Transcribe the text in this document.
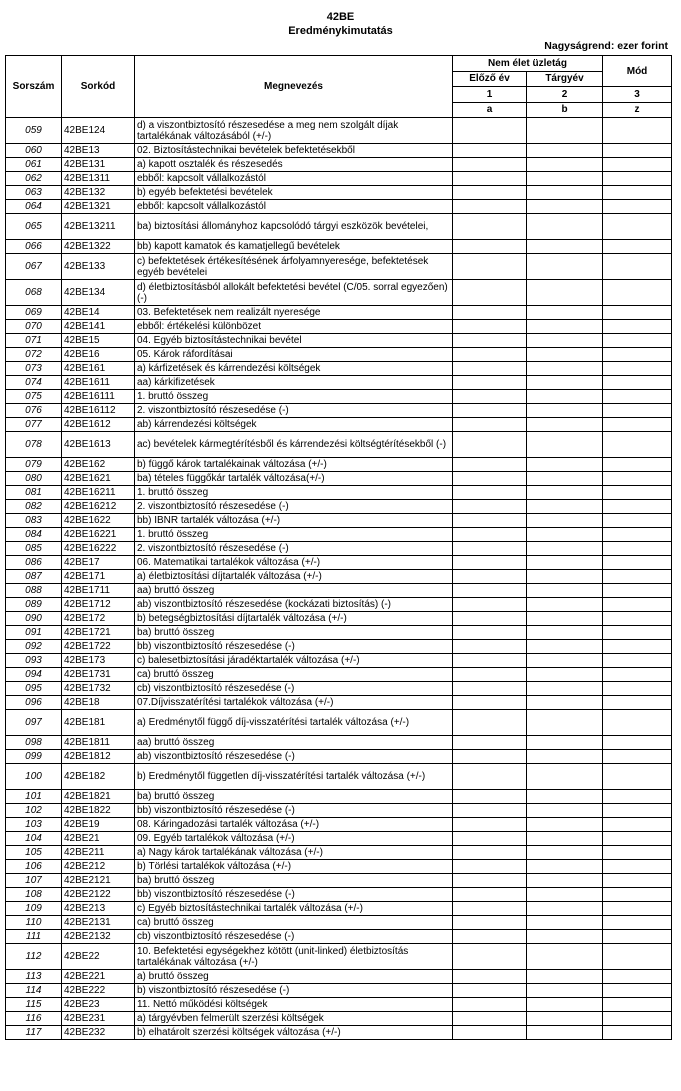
42BE
Eredménykimutatás
Nagyságrend: ezer forint
Sorszám	Sorkód	Megnevezés	Nem élet üzletág		Mód
			Előző év	Tárgyév	
			1	2	3
			a	b	z
059	42BE124	d) a viszontbiztosító részesedése a meg nem szolgált díjak tartalékának változásából (+/-)			
060	42BE13	02. Biztosítástechnikai bevételek befektetésekből			
061	42BE131	a) kapott osztalék és részesedés			
062	42BE1311	ebből: kapcsolt vállalkozástól			
063	42BE132	b) egyéb befektetési bevételek			
064	42BE1321	ebből: kapcsolt vállalkozástól			
065	42BE13211	ba) biztosítási állományhoz kapcsolódó tárgyi eszközök bevételei,			
066	42BE1322	bb) kapott kamatok és kamatjellegű bevételek			
067	42BE133	c) befektetések értékesítésének árfolyamnyeresége, befektetések egyéb bevételei			
068	42BE134	d) életbiztosításból allokált befektetési bevétel (C/05. sorral egyezően) (-)			
069	42BE14	03. Befektetések nem realizált nyeresége			
070	42BE141	ebből: értékelési különbözet			
071	42BE15	04. Egyéb biztosítástechnikai bevétel			
072	42BE16	05. Károk ráfordításai			
073	42BE161	a) kárfizetések és kárrendezési költségek			
074	42BE1611	aa) kárkifizetések			
075	42BE16111	1. bruttó összeg			
076	42BE16112	2. viszontbiztosító részesedése (-)			
077	42BE1612	ab) kárrendezési költségek			
078	42BE1613	ac) bevételek kármegtérítésből és kárrendezési költségtérítésekből (-)			
079	42BE162	b) függő károk tartalékainak változása (+/-)			
080	42BE1621	ba) tételes függőkár tartalék változása(+/-)			
081	42BE16211	1. bruttó összeg			
082	42BE16212	2. viszontbiztosító részesedése (-)			
083	42BE1622	bb) IBNR tartalék változása (+/-)			
084	42BE16221	1. bruttó összeg			
085	42BE16222	2. viszontbiztosító részesedése (-)			
086	42BE17	06. Matematikai tartalékok változása (+/-)			
087	42BE171	a) életbiztosítási díjtartalék változása (+/-)			
088	42BE1711	aa) bruttó összeg			
089	42BE1712	ab) viszontbiztosító részesedése (kockázati biztosítás) (-)			
090	42BE172	b) betegségbiztosítási díjtartalék változása (+/-)			
091	42BE1721	ba) bruttó összeg			
092	42BE1722	bb) viszontbiztosító részesedése (-)			
093	42BE173	c) balesetbiztosítási járadéktartalék változása (+/-)			
094	42BE1731	ca) bruttó összeg			
095	42BE1732	cb) viszontbiztosító részesedése (-)			
096	42BE18	07.Díjvisszatérítési tartalékok változása (+/-)			
097	42BE181	a) Eredménytől függő díj-visszatérítési tartalék változása (+/-)			
098	42BE1811	aa) bruttó összeg			
099	42BE1812	ab) viszontbiztosító részesedése (-)			
100	42BE182	b) Eredménytől független díj-visszatérítési tartalék változása (+/-)			
101	42BE1821	ba) bruttó összeg			
102	42BE1822	bb) viszontbiztosító részesedése (-)			
103	42BE19	08. Káringadozási tartalék változása (+/-)			
104	42BE21	09. Egyéb tartalékok változása (+/-)			
105	42BE211	a) Nagy károk tartalékának változása (+/-)			
106	42BE212	b) Törlési tartalékok változása (+/-)			
107	42BE2121	ba) bruttó összeg			
108	42BE2122	bb) viszontbiztosító részesedése (-)			
109	42BE213	c) Egyéb biztosítástechnikai tartalék változása (+/-)			
110	42BE2131	ca) bruttó összeg			
111	42BE2132	cb) viszontbiztosító részesedése (-)			
112	42BE22	10. Befektetési egységekhez kötött (unit-linked) életbiztosítás tartalékának változása (+/-)			
113	42BE221	a) bruttó összeg			
114	42BE222	b) viszontbiztosító részesedése (-)			
115	42BE23	11. Nettó működési költségek			
116	42BE231	a) tárgyévben felmerült szerzési költségek			
117	42BE232	b) elhatárolt szerzési költségek változása (+/-)			
